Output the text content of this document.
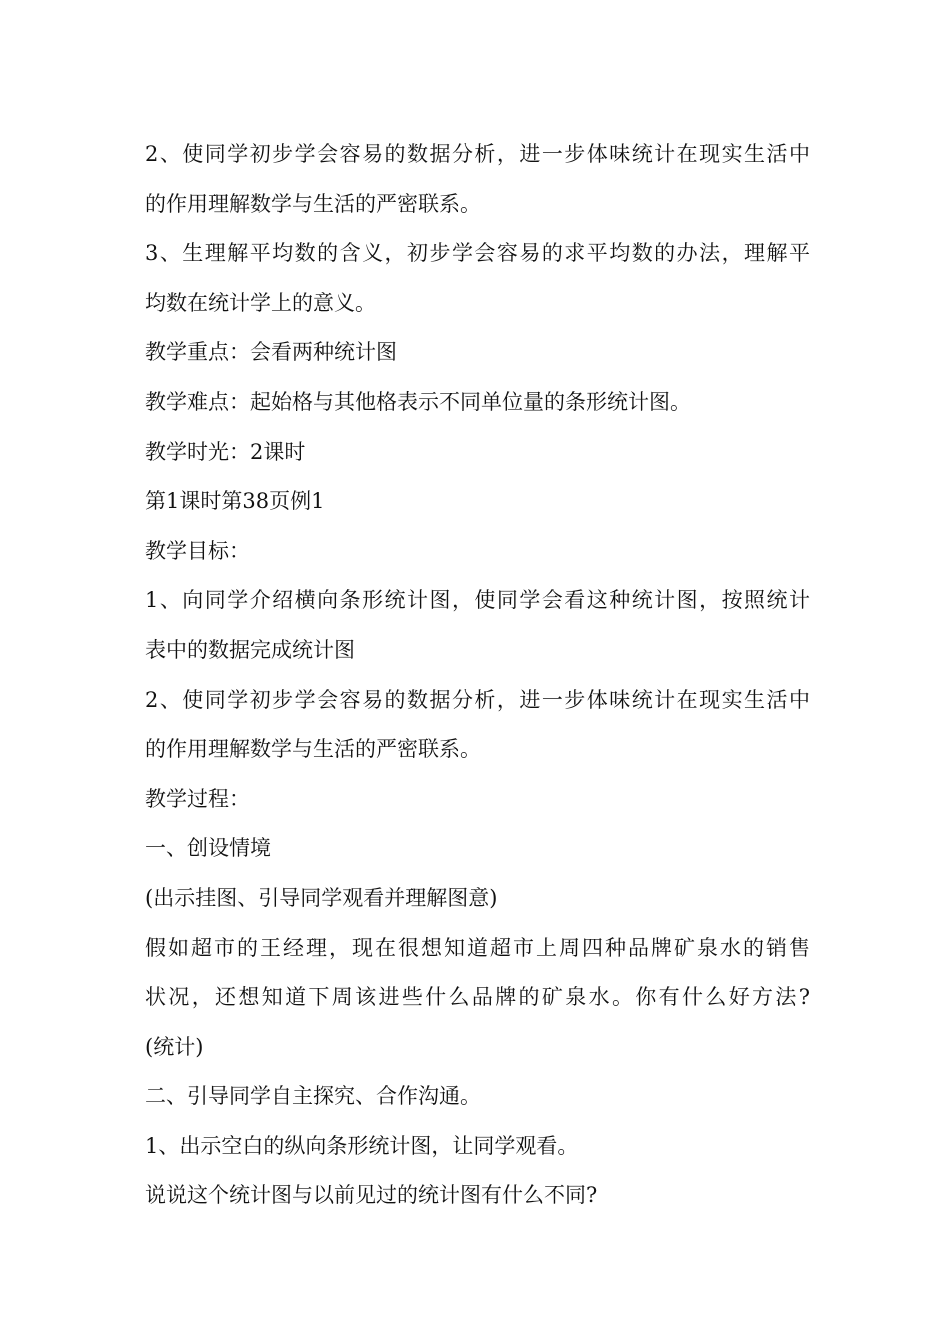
2、使同学初步学会容易的数据分析，进一步体味统计在现实生活中
的作用理解数学与生活的严密联系。
3、生理解平均数的含义，初步学会容易的求平均数的办法，理解平
均数在统计学上的意义。
教学重点：会看两种统计图
教学难点：起始格与其他格表示不同单位量的条形统计图。
教学时光：2课时
第1课时第38页例1
教学目标：
1、向同学介绍横向条形统计图，使同学会看这种统计图，按照统计
表中的数据完成统计图
2、使同学初步学会容易的数据分析，进一步体味统计在现实生活中
的作用理解数学与生活的严密联系。
教学过程：
一、创设情境
(出示挂图、引导同学观看并理解图意)
假如超市的王经理，现在很想知道超市上周四种品牌矿泉水的销售
状况，还想知道下周该进些什么品牌的矿泉水。你有什么好方法?
(统计)
二、引导同学自主探究、合作沟通。
1、出示空白的纵向条形统计图，让同学观看。
说说这个统计图与以前见过的统计图有什么不同?
